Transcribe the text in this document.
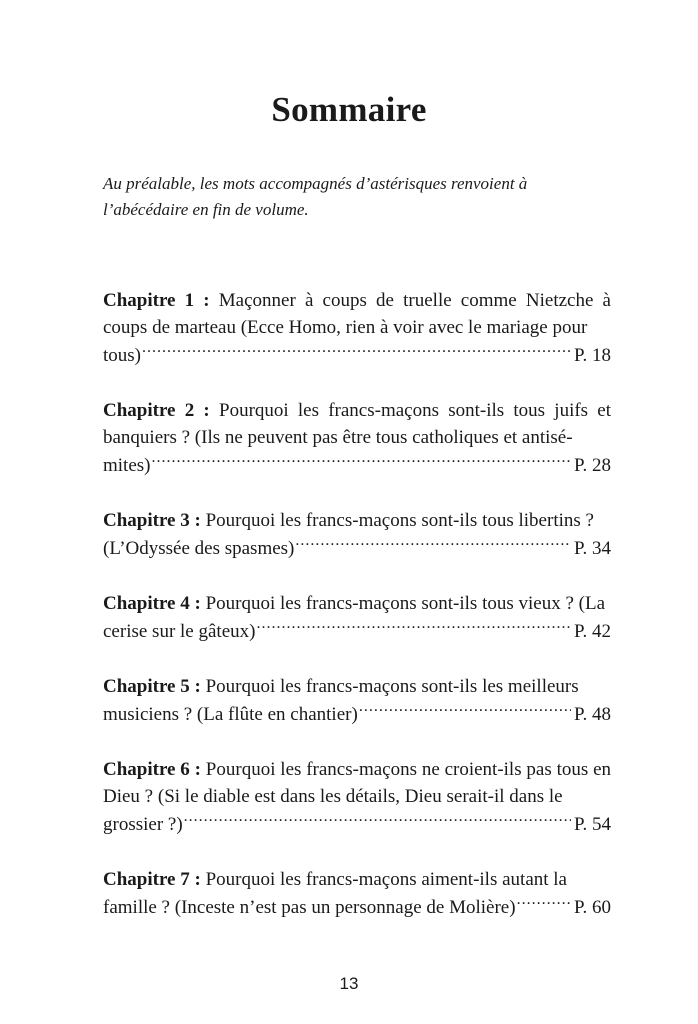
Sommaire

Au préalable, les mots accompagnés d’astérisques renvoient à l’abécédaire en fin de volume.

Chapitre 1 : Maçonner à coups de truelle comme Nietzche à coups de marteau (Ecce Homo, rien à voir avec le mariage pour
tous) .....	P. 18
Chapitre 2 : Pourquoi les francs-maçons sont-ils tous juifs et banquiers ? (Ils ne peuvent pas être tous catholiques et antisé-
mites) .....	P. 28
Chapitre 3 : Pourquoi les francs-maçons sont-ils tous libertins ?
(L’Odyssée des spasmes) .....	P. 34
Chapitre 4 : Pourquoi les francs-maçons sont-ils tous vieux ? (La
cerise sur le gâteux) .....	P. 42
Chapitre 5 : Pourquoi les francs-maçons sont-ils les meilleurs
musiciens ? (La flûte en chantier) .....	P. 48
Chapitre 6 : Pourquoi les francs-maçons ne croient-ils pas tous en Dieu ? (Si le diable est dans les détails, Dieu serait-il dans le
grossier ?) .....	P. 54
Chapitre 7 : Pourquoi les francs-maçons aiment-ils autant la
famille ? (Inceste n’est pas un personnage de Molière) .....	P. 60
13
